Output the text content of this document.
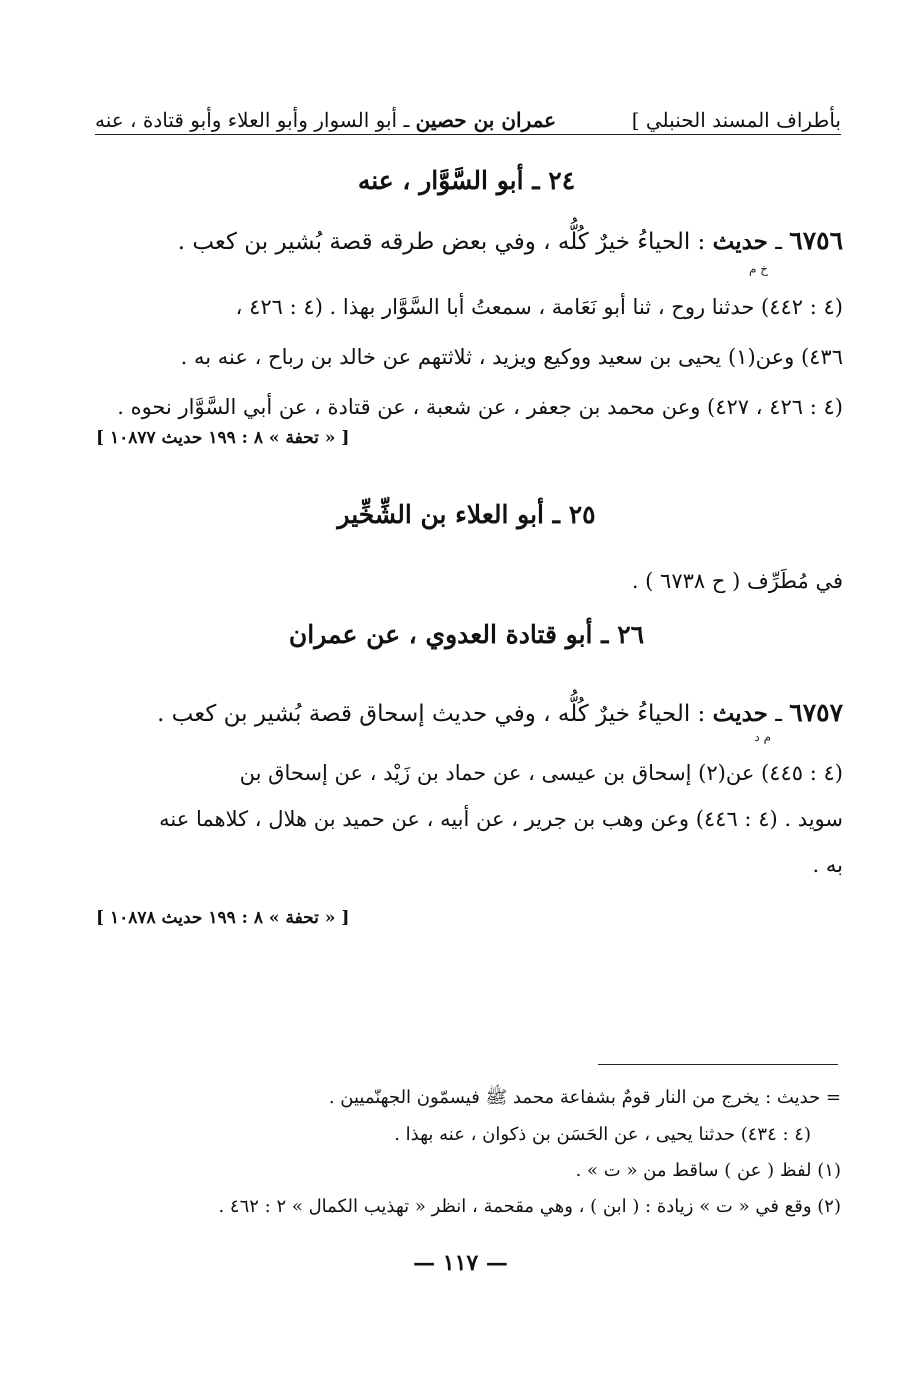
بأطراف المسند الحنبلي ]
عمران بن حصين ـ أبو السوار وأبو العلاء وأبو قتادة ، عنه
٢٤ ـ أبو السَّوَّار ، عنه
٦٧٥٦ ـ حديث : الحياءُ خيرٌ كُلُّه ، وفي بعض طرقه قصة بُشير بن كعب .
خ م
(٤ : ٤٤٢) حدثنا روح ، ثنا أبو نَعَامة ، سمعتُ أبا السَّوَّار بهذا . (٤ : ٤٢٦ ،
٤٣٦) وعن(١) يحيى بن سعيد ووكيع ويزيد ، ثلاثتهم عن خالد بن رباح ، عنه به .
(٤ : ٤٢٦ ، ٤٢٧) وعن محمد بن جعفر ، عن شعبة ، عن قتادة ، عن أبي السَّوَّار نحوه .
[ « تحفة » ٨ : ١٩٩ حديث ١٠٨٧٧ ]
٢٥ ـ أبو العلاء بن الشِّخِّير
في مُطَرِّف ( ح ٦٧٣٨ ) .
٢٦ ـ أبو قتادة العدوي ، عن عمران
٦٧٥٧ ـ حديث : الحياءُ خيرٌ كُلُّه ، وفي حديث إسحاق قصة بُشير بن كعب .
م د
(٤ : ٤٤٥) عن(٢) إسحاق بن عيسى ، عن حماد بن زَيْد ، عن إسحاق بن
سويد . (٤ : ٤٤٦) وعن وهب بن جرير ، عن أبيه ، عن حميد بن هلال ، كلاهما عنه
به .
[ « تحفة » ٨ : ١٩٩ حديث ١٠٨٧٨ ]
= حديث : يخرج من النار قومٌ بشفاعة محمد ﷺ فيسمّون الجهنّميين .
(٤ : ٤٣٤) حدثنا يحيى ، عن الحَسَن بن ذكوان ، عنه بهذا .
(١) لفظ ( عن ) ساقط من « ت » .
(٢) وقع في « ت » زيادة : ( ابن ) ، وهي مقحمة ، انظر « تهذيب الكمال » ٢ : ٤٦٢ .
— ١١٧ —
